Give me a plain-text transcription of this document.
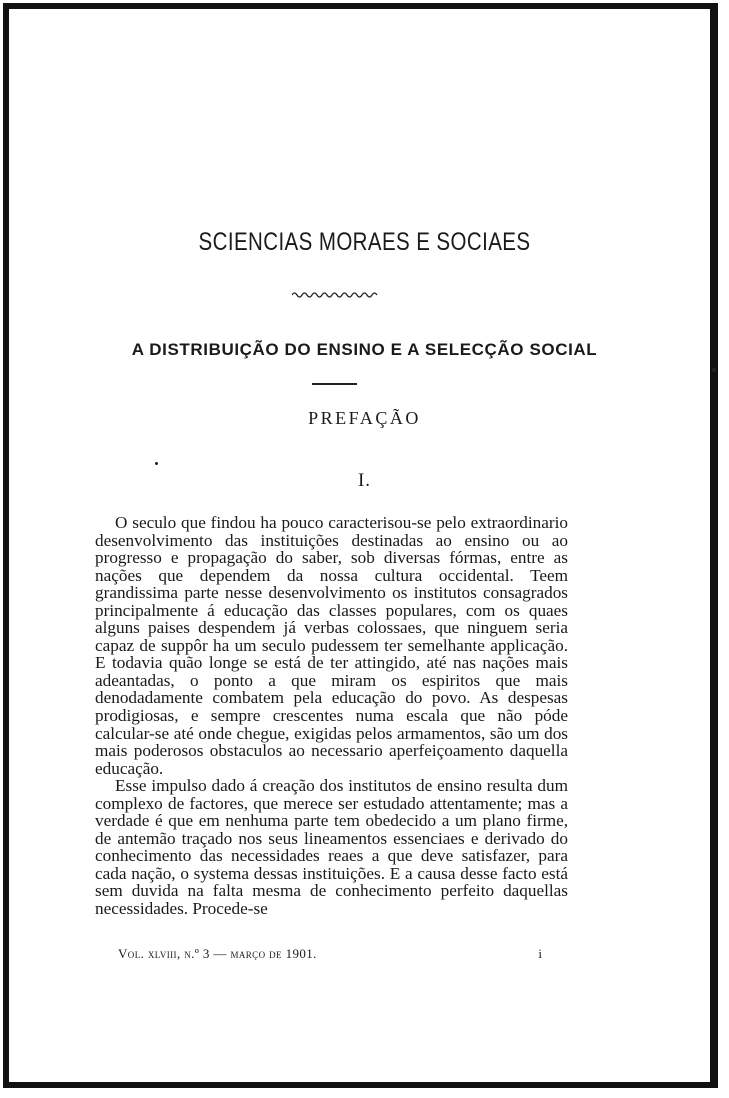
SCIENCIAS MORAES E SOCIAES
A DISTRIBUIÇÃO DO ENSINO E A SELECÇÃO SOCIAL
PREFAÇÃO
I.

O seculo que findou ha pouco caracterisou-se pelo extraordinario desenvolvimento das instituições destinadas ao ensino ou ao progresso e propagação do saber, sob diversas fórmas, entre as nações que dependem da nossa cultura occidental. Teem grandissima parte nesse desenvolvimento os institutos consagrados principalmente á educação das classes populares, com os quaes alguns paises despendem já verbas colossaes, que ninguem seria capaz de suppôr ha um seculo pudessem ter semelhante applicação. E todavia quão longe se está de ter attingido, até nas nações mais adeantadas, o ponto a que miram os espiritos que mais denodadamente combatem pela educação do povo. As despesas prodigiosas, e sempre crescentes numa escala que não póde calcular-se até onde chegue, exigidas pelos armamentos, são um dos mais poderosos obstaculos ao necessario aperfeiçoamento daquella educação.

Esse impulso dado á creação dos institutos de ensino resulta dum complexo de factores, que merece ser estudado attentamente; mas a verdade é que em nenhuma parte tem obedecido a um plano firme, de antemão traçado nos seus lineamentos essenciaes e derivado do conhecimento das necessidades reaes a que deve satisfazer, para cada nação, o systema dessas instituições. E a causa desse facto está sem duvida na falta mesma de conhecimento perfeito daquellas necessidades. Procede-se

Vol. xlviii, n.º 3 — março de 1901.	i
